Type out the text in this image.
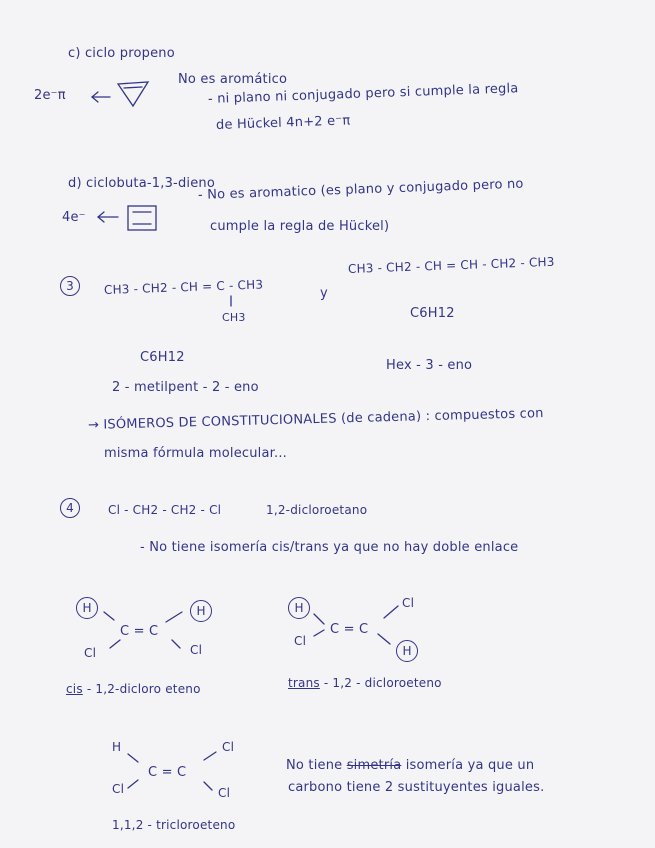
c) ciclo propeno
2e⁻π
No es aromático
- ni plano ni conjugado pero si cumple la regla
de Hückel 4n+2 e⁻π
d) ciclobuta-1,3-dieno
4e⁻
- No es aromatico (es plano y conjugado pero no
cumple la regla de Hückel)
3	CH3 - CH2 - CH = C - CH3
CH3
y
CH3 - CH2 - CH = CH - CH2 - CH3
C6H12
C6H12
2 - metilpent - 2 - eno
Hex - 3 - eno
→ ISÓMEROS DE CONSTITUCIONALES (de cadena) : compuestos con
misma fórmula molecular...
4	Cl - CH2 - CH2 - Cl	1,2-dicloroetano
- No tiene isomería cis/trans ya que no hay doble enlace
H	H
C = C
Cl	Cl
cis - 1,2-dicloro eteno
H	Cl
C = C
Cl
H
trans - 1,2 - dicloroeteno
H	Cl
C = C
Cl	Cl
1,1,2 - tricloroeteno
No tiene simetría isomería ya que un
carbono tiene 2 sustituyentes iguales.
